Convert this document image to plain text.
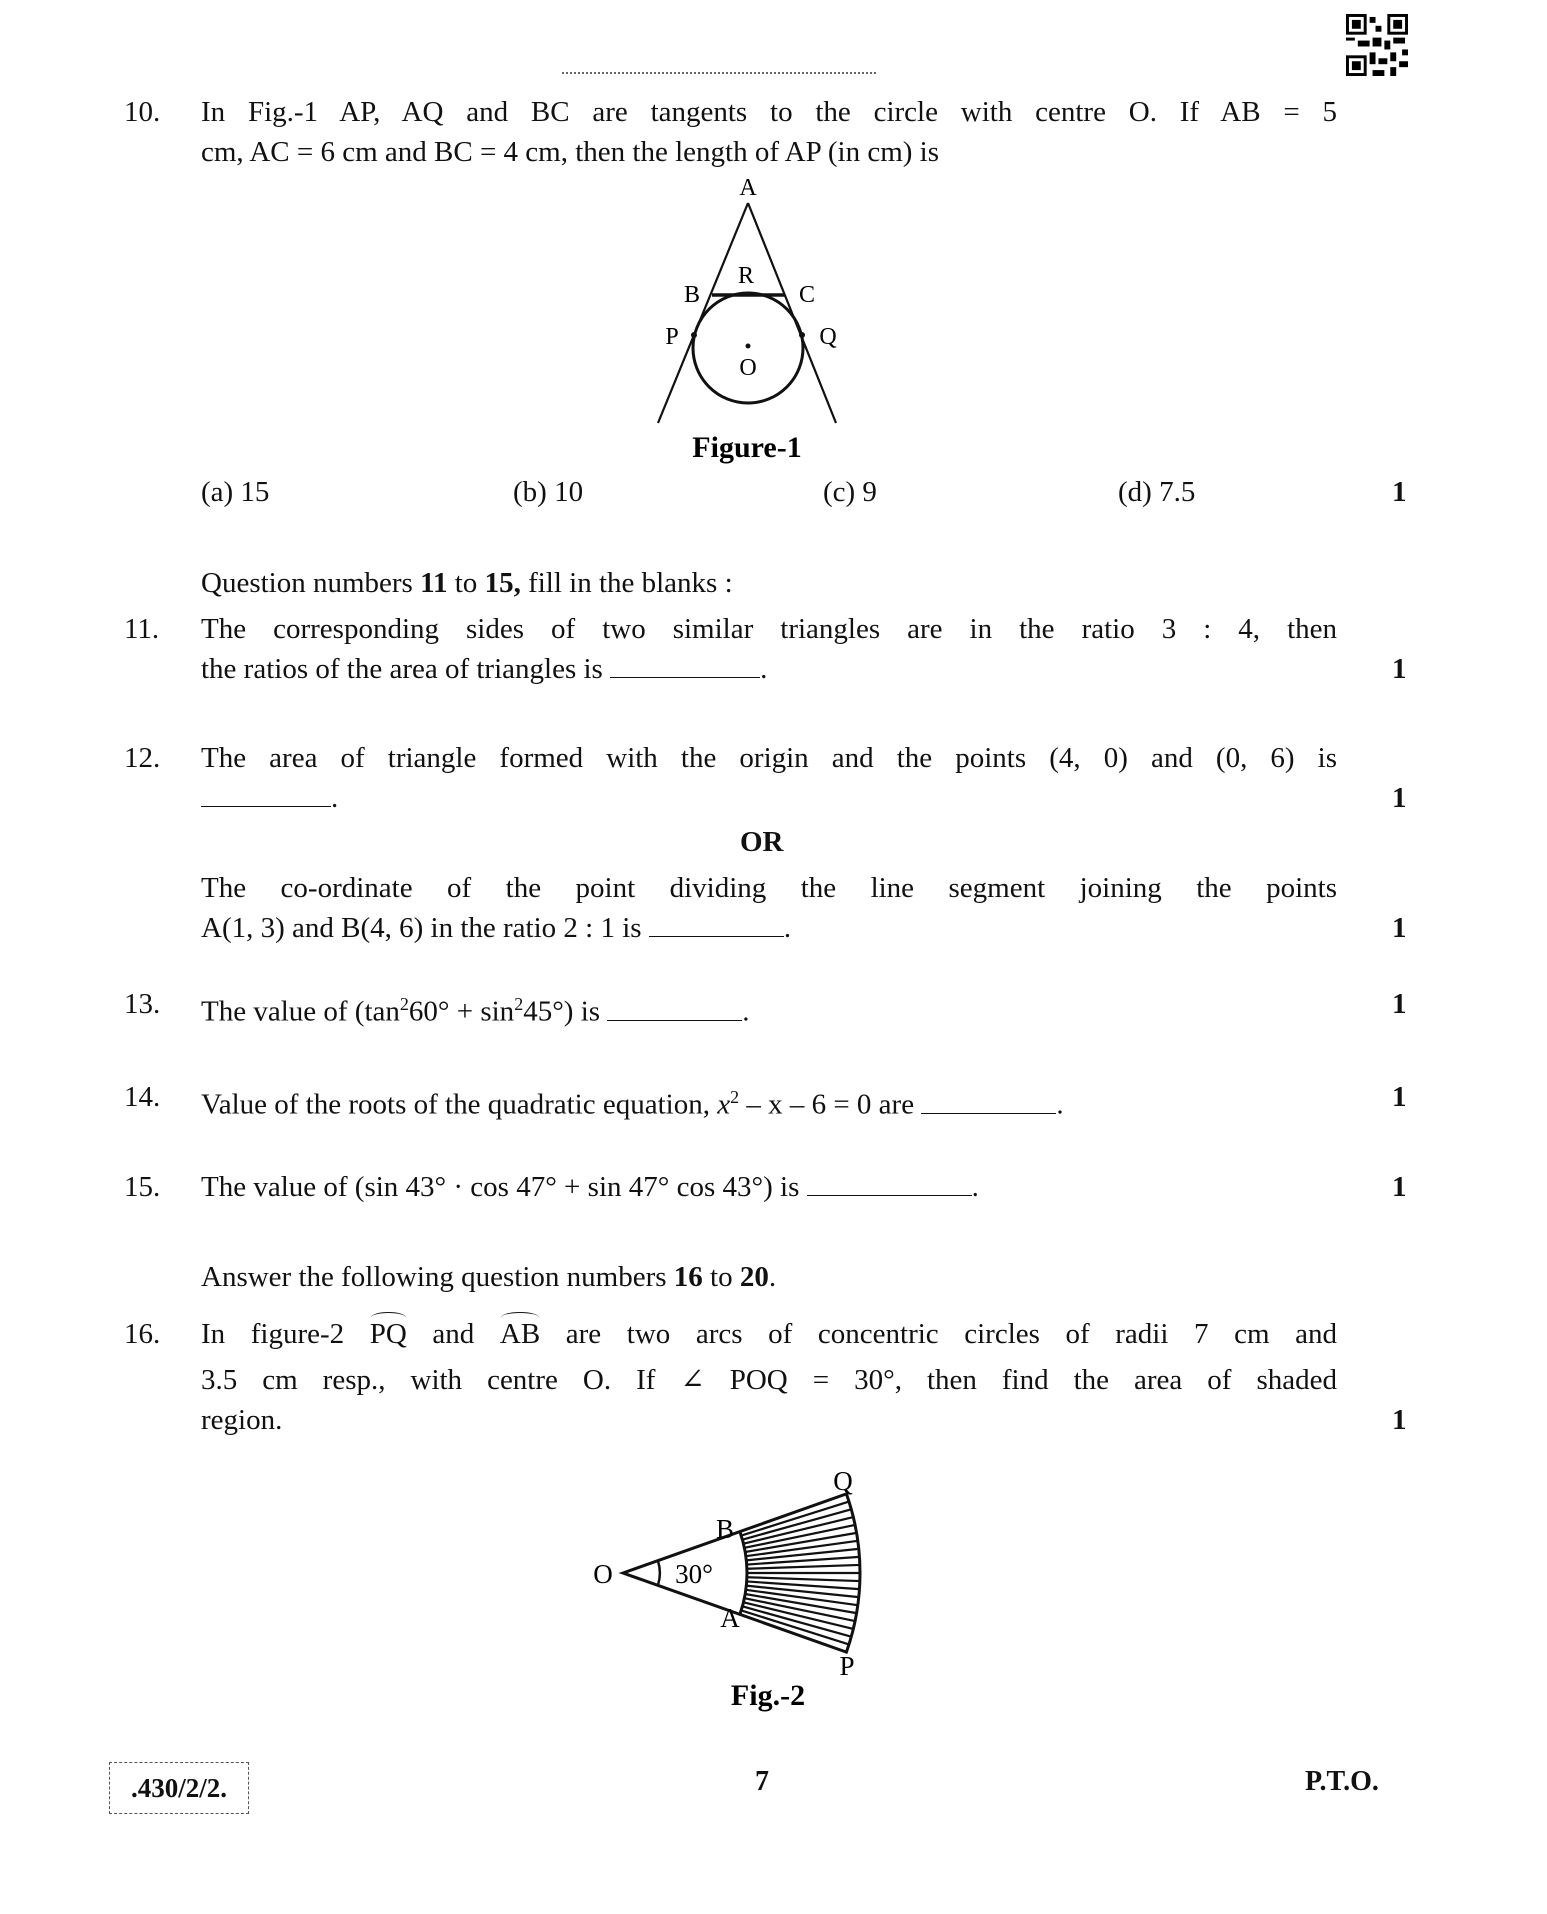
10. In Fig.-1 AP, AQ and BC are tangents to the circle with centre O. If AB = 5
cm, AC = 6 cm and BC = 4 cm, then the length of AP (in cm) is
A
R
B	C
P	Q
O
Figure-1
(a) 15	(b) 10	(c) 9	(d) 7.5	1
Question numbers 11 to 15, fill in the blanks :
11. The corresponding sides of two similar triangles are in the ratio 3 : 4, then
the ratios of the area of triangles is	.	1
12. The area of triangle formed with the origin and the points (4, 0) and (0, 6) is
.	1
OR
The co-ordinate of the point dividing the line segment joining the points
A(1, 3) and B(4, 6) in the ratio 2 : 1 is	.	1
13. The value of $(\tan^260^\circ + \sin^245^\circ)$ is	.	1
14. Value of the roots of the quadratic equation, $x^2 - x - 6 = 0$ are	.	1
15. The value of (sin 43° · cos 47° + sin 47° cos 43°) is	.	1
Answer the following question numbers 16 to 20.
16. In figure-2 PQ and AB are two arcs of concentric circles of radii 7 cm and
3.5 cm resp., with centre O. If ∠ POQ = 30°, then find the area of shaded
region.	1
O 30°
B
A
Q
P
Fig.-2
.430/2/2.	7	P.T.O.
